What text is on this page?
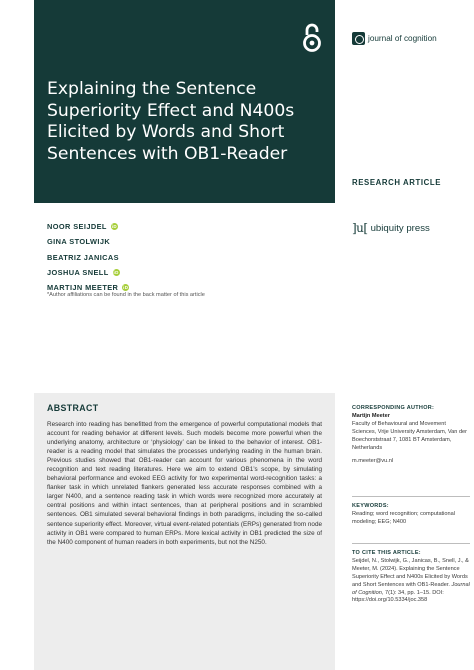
Explaining the Sentence Superiority Effect and N400s Elicited by Words and Short Sentences with OB1-Reader
journal of cognition
RESEARCH ARTICLE
NOOR SEIJDEL iD
GINA STOLWIJK
BEATRIZ JANICAS
JOSHUA SNELL iD
MARTIJN MEETER iD
*Author affiliations can be found in the back matter of this article
]u[ ubiquity press
ABSTRACT

Research into reading has benefitted from the emergence of powerful computational models that account for reading behavior at different levels. Such models become more powerful when the underlying anatomy, architecture or ‘physiology’ can be linked to the behavior of interest. OB1-reader is a reading model that simulates the processes underlying reading in the human brain. Previous studies showed that OB1-reader can account for various phenomena in the word recognition and text reading literatures. Here we aim to extend OB1’s scope, by simulating behavioral performance and evoked EEG activity for two experimental word-recognition tasks: a flanker task in which unrelated flankers generated less accurate responses combined with a larger N400, and a sentence reading task in which words were recognized more accurately at central positions and within intact sentences, than at peripheral positions and in scrambled sentences. OB1 simulated several behavioral findings in both paradigms, including the so-called sentence superiority effect. Moreover, virtual event-related potentials (ERPs) generated from node activity in OB1 were compared to human ERPs. More lexical activity in OB1 predicted the size of the N400 component of human readers in both experiments, but not the N250.

CORRESPONDING AUTHOR:
Martijn Meeter
Faculty of Behavioural and Movement Sciences, Vrije University Amsterdam, Van der Boechorststraat 7, 1081 BT Amsterdam, Netherlands
m.meeter@vu.nl
KEYWORDS:
Reading; word recognition; computational modeling; EEG; N400
TO CITE THIS ARTICLE:
Seijdel, N., Stolwijk, G., Janicas, B., Snell, J., & Meeter, M. (2024). Explaining the Sentence Superiority Effect and N400s Elicited by Words and Short Sentences with OB1-Reader. Journal of Cognition, 7(1): 34, pp. 1–15. DOI: https://doi.org/10.5334/joc.358
